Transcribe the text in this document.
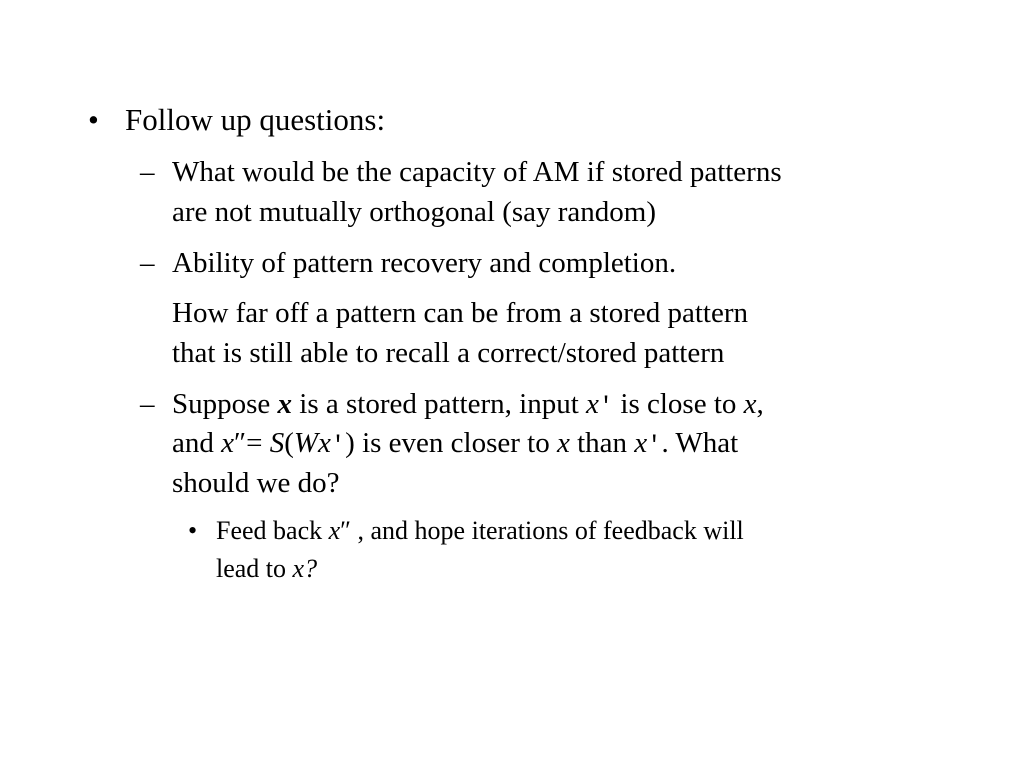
• Follow up questions:
– What would be the capacity of AM if stored patterns
are not mutually orthogonal (say random)
– Ability of pattern recovery and completion.
How far off a pattern can be from a stored pattern
that is still able to recall a correct/stored pattern
– Suppose x is a stored pattern, input x′ is close to x,
and x″= S(Wx′) is even closer to x than x′. What
should we do?
• Feed back x″ , and hope iterations of feedback will
lead to x?
